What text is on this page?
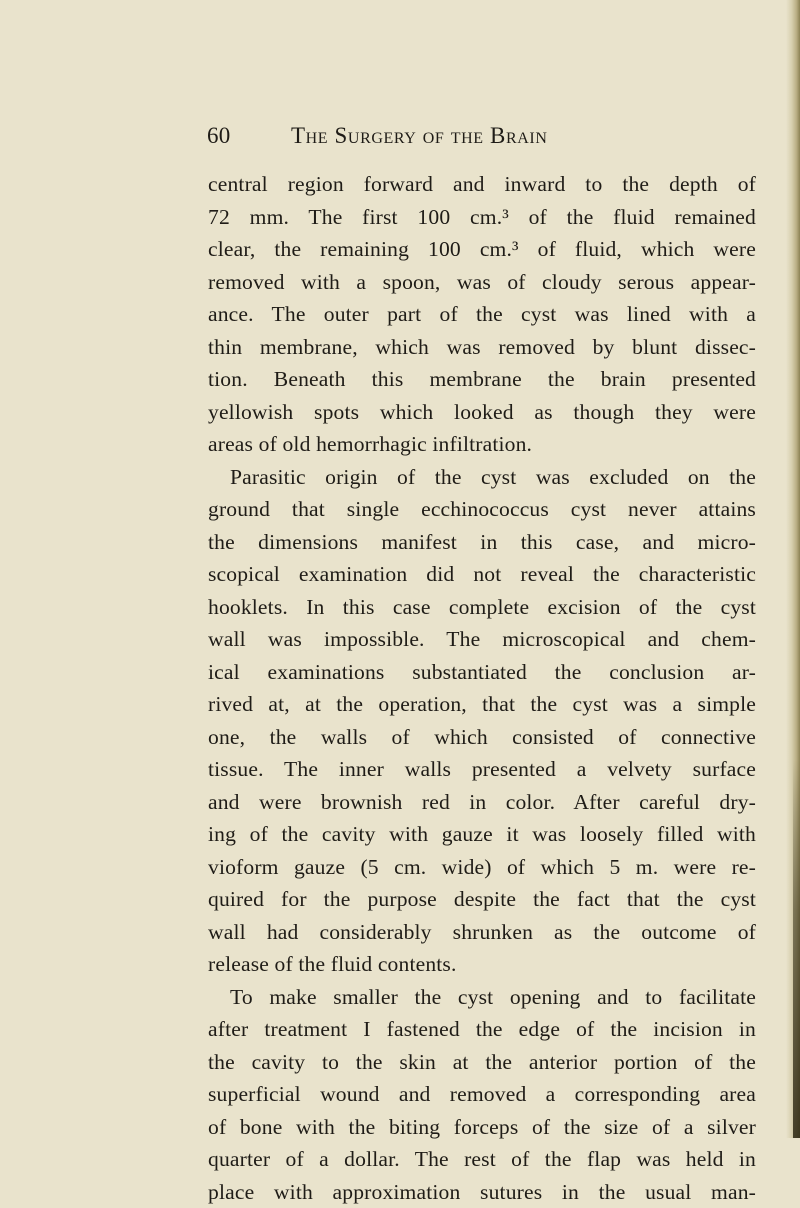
60	The Surgery of the Brain
central region forward and inward to the depth of
72 mm. The first 100 cm.³ of the fluid remained
clear, the remaining 100 cm.³ of fluid, which were
removed with a spoon, was of cloudy serous appear-
ance. The outer part of the cyst was lined with a
thin membrane, which was removed by blunt dissec-
tion. Beneath this membrane the brain presented
yellowish spots which looked as though they were
areas of old hemorrhagic infiltration.
Parasitic origin of the cyst was excluded on the
ground that single ecchinococcus cyst never attains
the dimensions manifest in this case, and micro-
scopical examination did not reveal the characteristic
hooklets. In this case complete excision of the cyst
wall was impossible. The microscopical and chem-
ical examinations substantiated the conclusion ar-
rived at, at the operation, that the cyst was a simple
one, the walls of which consisted of connective
tissue. The inner walls presented a velvety surface
and were brownish red in color. After careful dry-
ing of the cavity with gauze it was loosely filled with
vioform gauze (5 cm. wide) of which 5 m. were re-
quired for the purpose despite the fact that the cyst
wall had considerably shrunken as the outcome of
release of the fluid contents.
To make smaller the cyst opening and to facilitate
after treatment I fastened the edge of the incision in
the cavity to the skin at the anterior portion of the
superficial wound and removed a corresponding area
of bone with the biting forceps of the size of a silver
quarter of a dollar. The rest of the flap was held in
place with approximation sutures in the usual man-
